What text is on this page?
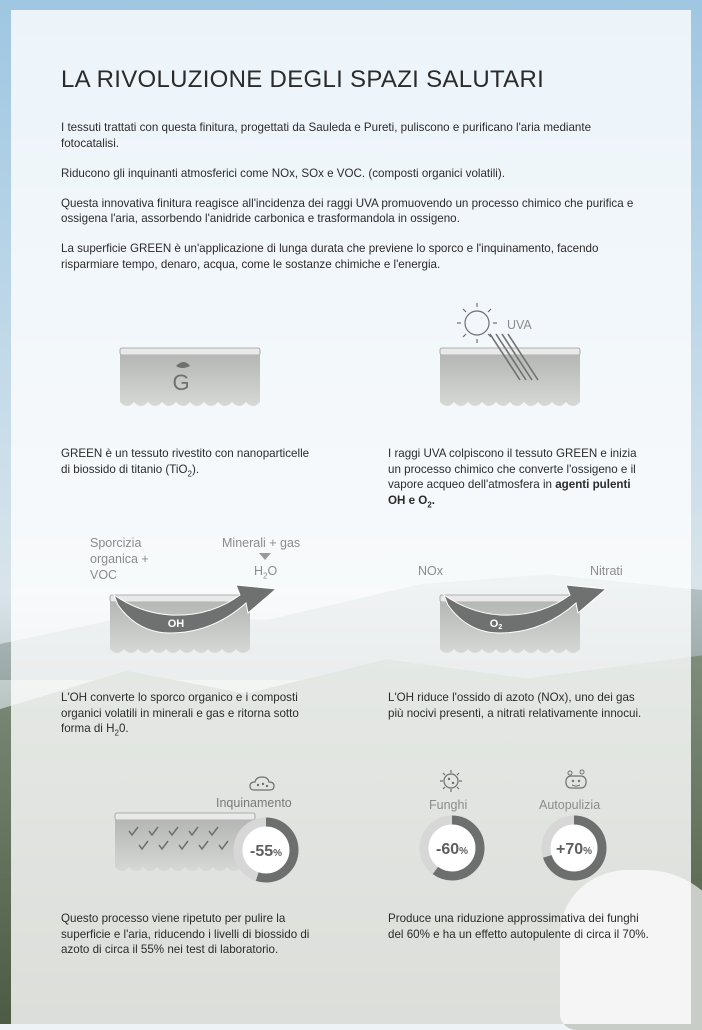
LA RIVOLUZIONE DEGLI SPAZI SALUTARI

I tessuti trattati con questa finitura, progettati da Sauleda e Pureti, puliscono e purificano l'aria mediante fotocatalisi.

Riducono gli inquinanti atmosferici come NOx, SOx e VOC. (composti organici volatili).

Questa innovativa finitura reagisce all'incidenza dei raggi UVA promuovendo un processo chimico che purifica e ossigena l'aria, assorbendo l'anidride carbonica e trasformandola in ossigeno.

La superficie GREEN è un'applicazione di lunga durata che previene lo sporco e l'inquinamento, facendo risparmiare tempo, denaro, acqua, come le sostanze chimiche e l'energia.

G
GREEN è un tessuto rivestito con nanoparticelle di biossido di titanio (TiO$_2$).
UVA
I raggi UVA colpiscono il tessuto GREEN e inizia un processo chimico che converte l'ossigeno e il vapore acqueo dell'atmosfera in agenti pulenti OH e $O_2$.
Sporcizia organica + VOC
Minerali + gas
$H_2O$
OH
L'OH converte lo sporco organico e i composti organici volatili in minerali e gas e ritorna sotto forma di $H_20$.
NOx	Nitrati
O2
L'OH riduce l'ossido di azoto (NOx), uno dei gas più nocivi presenti, a nitrati relativamente innocui.
Inquinamento
-55%
Questo processo viene ripetuto per pulire la superficie e l'aria, riducendo i livelli di biossido di azoto di circa il 55% nei test di laboratorio.
Funghi
-60%
Autopulizia
+70%
Produce una riduzione approssimativa dei funghi del 60% e ha un effetto autopulente di circa il 70%.
